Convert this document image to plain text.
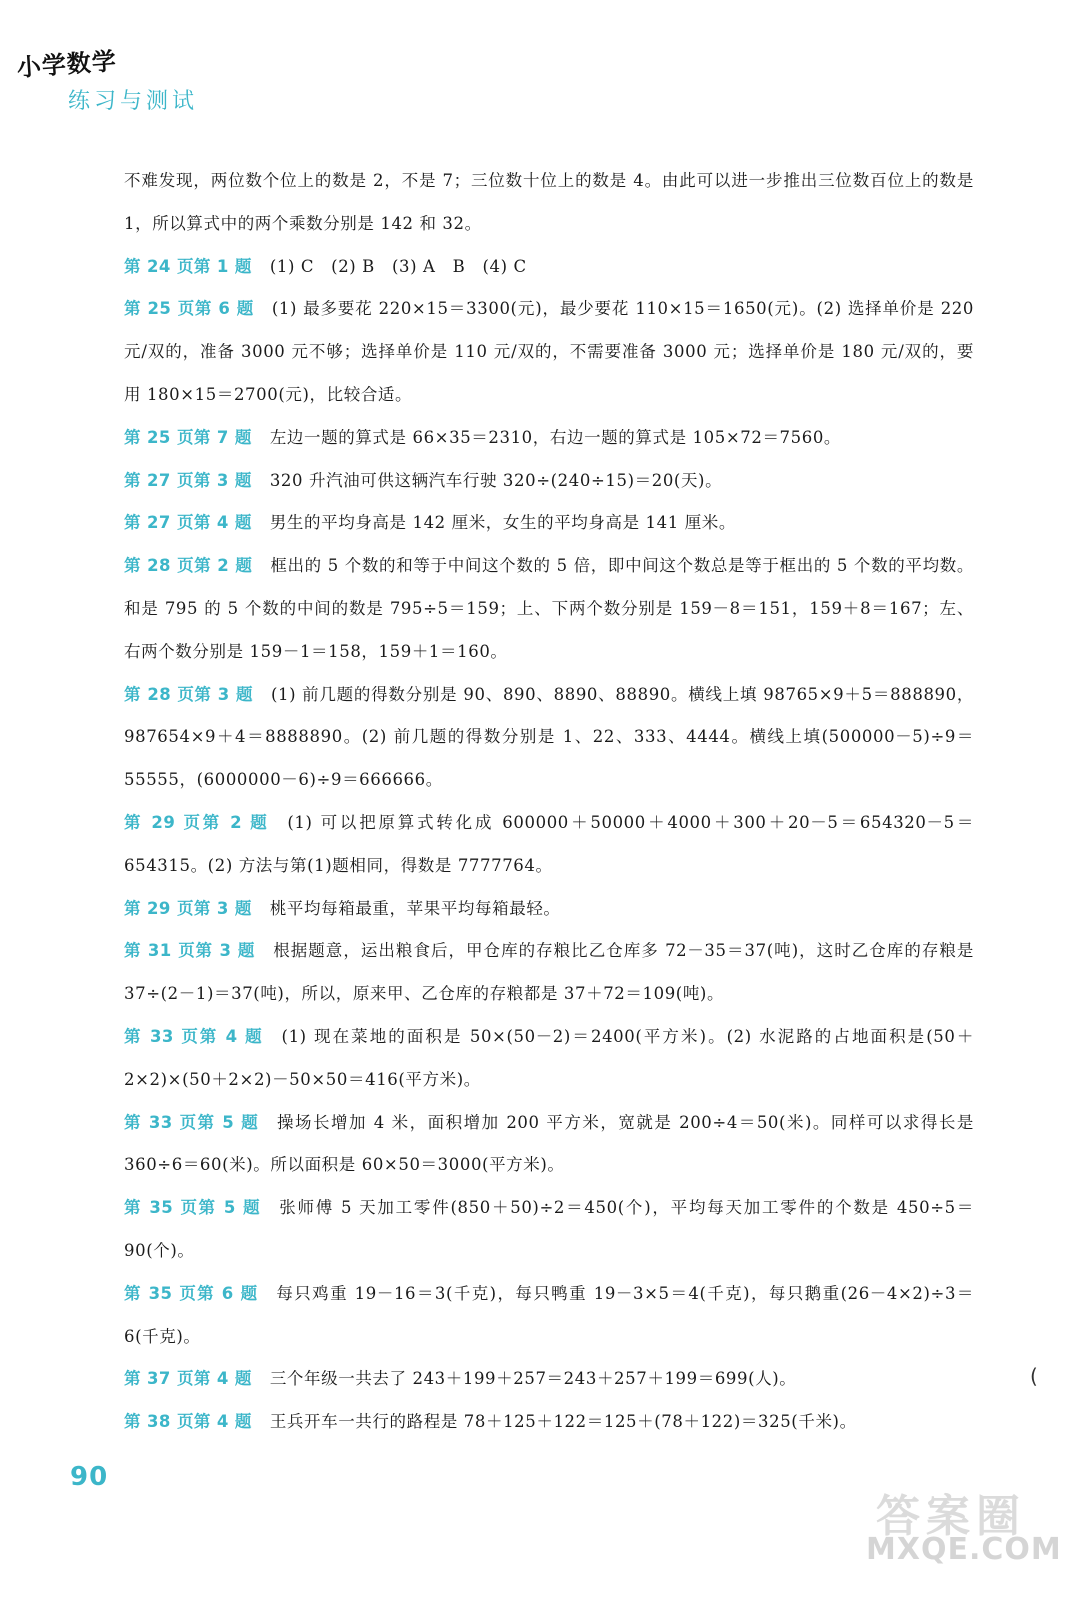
小学数学
练习与测试

不难发现，两位数个位上的数是 2，不是 7；三位数十位上的数是 4。由此可以进一步推出三位数百位上的数是 1，所以算式中的两个乘数分别是 142 和 32。

第 24 页第 1 题 (1) C　(2) B　(3) A　B　(4) C

第 25 页第 6 题 (1) 最多要花 220×15＝3300(元)，最少要花 110×15＝1650(元)。(2) 选择单价是 220 元/双的，准备 3000 元不够；选择单价是 110 元/双的，不需要准备 3000 元；选择单价是 180 元/双的，要用 180×15＝2700(元)，比较合适。

第 25 页第 7 题 左边一题的算式是 66×35＝2310，右边一题的算式是 105×72＝7560。

第 27 页第 3 题 320 升汽油可供这辆汽车行驶 320÷(240÷15)＝20(天)。

第 27 页第 4 题 男生的平均身高是 142 厘米，女生的平均身高是 141 厘米。

第 28 页第 2 题 框出的 5 个数的和等于中间这个数的 5 倍，即中间这个数总是等于框出的 5 个数的平均数。和是 795 的 5 个数的中间的数是 795÷5＝159；上、下两个数分别是 159－8＝151，159＋8＝167；左、右两个数分别是 159－1＝158，159＋1＝160。

第 28 页第 3 题 (1) 前几题的得数分别是 90、890、8890、88890。横线上填 98765×9＋5＝888890，987654×9＋4＝8888890。(2) 前几题的得数分别是 1、22、333、4444。横线上填(500000－5)÷9＝55555，(6000000－6)÷9＝666666。

第 29 页第 2 题 (1) 可以把原算式转化成 600000＋50000＋4000＋300＋20－5＝654320－5＝654315。(2) 方法与第(1)题相同，得数是 7777764。

第 29 页第 3 题 桃平均每箱最重，苹果平均每箱最轻。

第 31 页第 3 题 根据题意，运出粮食后，甲仓库的存粮比乙仓库多 72－35＝37(吨)，这时乙仓库的存粮是 37÷(2－1)＝37(吨)，所以，原来甲、乙仓库的存粮都是 37＋72＝109(吨)。

第 33 页第 4 题 (1) 现在菜地的面积是 50×(50－2)＝2400(平方米)。(2) 水泥路的占地面积是(50＋2×2)×(50＋2×2)－50×50＝416(平方米)。

第 33 页第 5 题 操场长增加 4 米，面积增加 200 平方米，宽就是 200÷4＝50(米)。同样可以求得长是 360÷6＝60(米)。所以面积是 60×50＝3000(平方米)。

第 35 页第 5 题 张师傅 5 天加工零件(850＋50)÷2＝450(个)，平均每天加工零件的个数是 450÷5＝90(个)。

第 35 页第 6 题 每只鸡重 19－16＝3(千克)，每只鸭重 19－3×5＝4(千克)，每只鹅重(26－4×2)÷3＝6(千克)。

第 37 页第 4 题 三个年级一共去了 243＋199＋257＝243＋257＋199＝699(人)。

第 38 页第 4 题 王兵开车一共行的路程是 78＋125＋122＝125＋(78＋122)＝325(千米)。

90
(
答案圈
MXQE.COM
